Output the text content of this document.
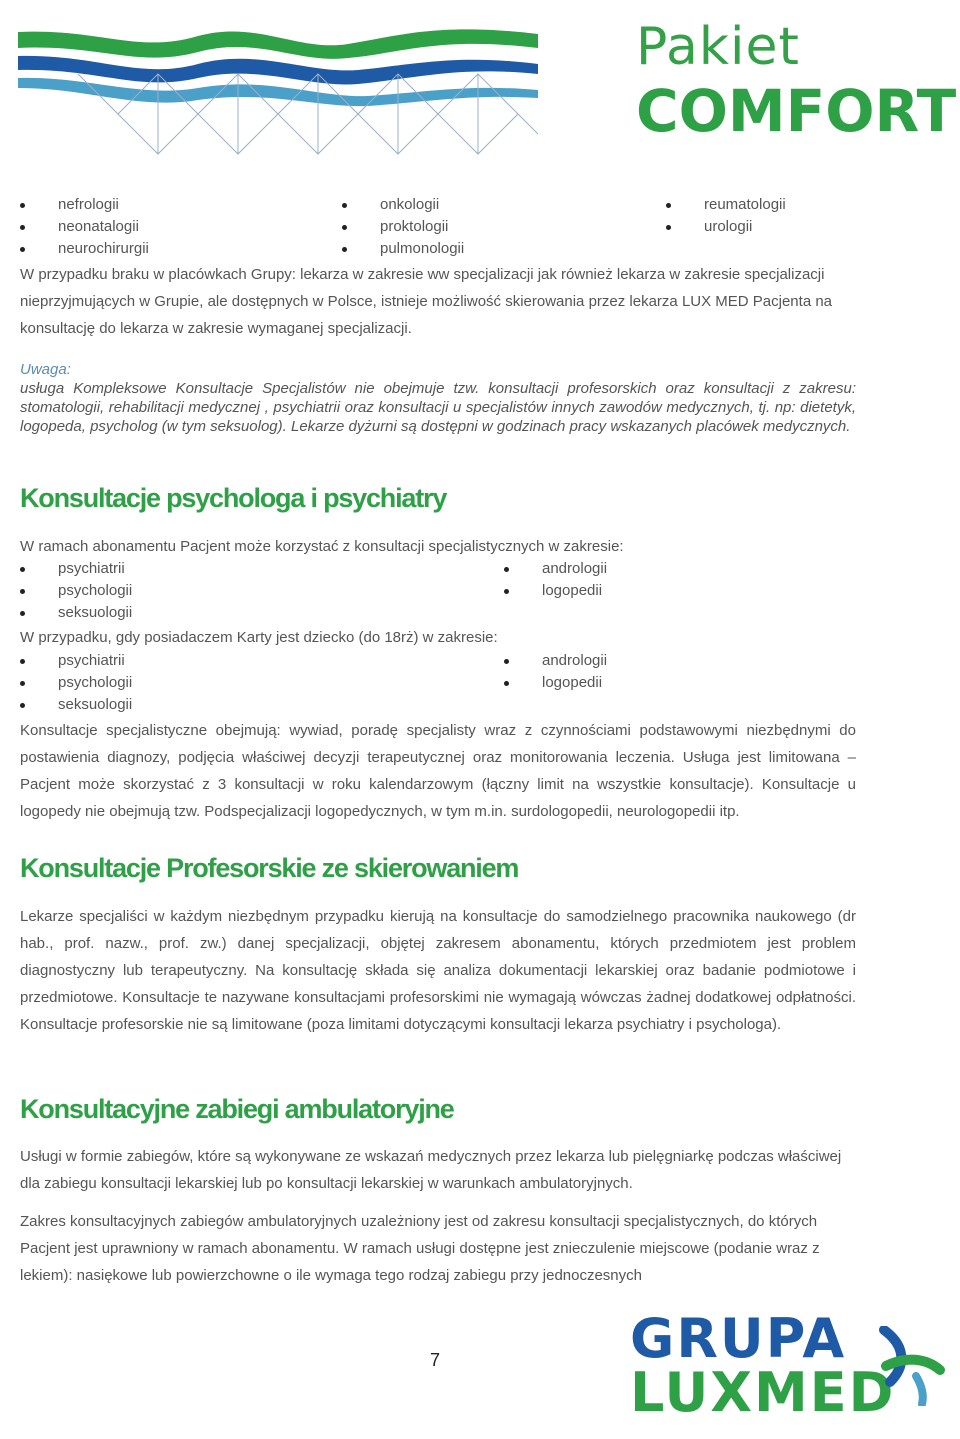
Pakiet
COMFORT
nefrologii
neonatalogii
neurochirurgii
onkologii
proktologii
pulmonologii
reumatologii
urologii

W przypadku braku w placówkach Grupy: lekarza w zakresie ww specjalizacji jak również lekarza w zakresie specjalizacji nieprzyjmujących w Grupie, ale dostępnych w Polsce, istnieje możliwość skierowania przez lekarza LUX MED Pacjenta na konsultację do lekarza w zakresie wymaganej specjalizacji.

Uwaga:
usługa Kompleksowe Konsultacje Specjalistów nie obejmuje tzw. konsultacji profesorskich oraz konsultacji z zakresu: stomatologii, rehabilitacji medycznej , psychiatrii oraz konsultacji u specjalistów innych zawodów medycznych, tj. np: dietetyk, logopeda, psycholog (w tym seksuolog). Lekarze dyżurni są dostępni w godzinach pracy wskazanych placówek medycznych.
Konsultacje psychologa i psychiatry

W ramach abonamentu Pacjent może korzystać z konsultacji specjalistycznych w zakresie:

psychiatrii
psychologii
seksuologii
andrologii
logopedii

W przypadku, gdy posiadaczem Karty jest dziecko (do 18rż) w zakresie:

psychiatrii
psychologii
seksuologii
andrologii
logopedii

Konsultacje specjalistyczne obejmują: wywiad, poradę specjalisty wraz z czynnościami podstawowymi niezbędnymi do postawienia diagnozy, podjęcia właściwej decyzji terapeutycznej oraz monitorowania leczenia. Usługa jest limitowana – Pacjent może skorzystać z 3 konsultacji w roku kalendarzowym (łączny limit na wszystkie konsultacje). Konsultacje u logopedy nie obejmują tzw. Podspecjalizacji logopedycznych, w tym m.in. surdologopedii, neurologopedii itp.

Konsultacje Profesorskie ze skierowaniem

Lekarze specjaliści w każdym niezbędnym przypadku kierują na konsultacje do samodzielnego pracownika naukowego (dr hab., prof. nazw., prof. zw.) danej specjalizacji, objętej zakresem abonamentu, których przedmiotem jest problem diagnostyczny lub terapeutyczny. Na konsultację składa się analiza dokumentacji lekarskiej oraz badanie podmiotowe i przedmiotowe. Konsultacje te nazywane konsultacjami profesorskimi nie wymagają wówczas żadnej dodatkowej odpłatności. Konsultacje profesorskie nie są limitowane (poza limitami dotyczącymi konsultacji lekarza psychiatry i psychologa).

Konsultacyjne zabiegi ambulatoryjne

Usługi w formie zabiegów, które są wykonywane ze wskazań medycznych przez lekarza lub pielęgniarkę podczas właściwej dla zabiegu konsultacji lekarskiej lub po konsultacji lekarskiej w warunkach ambulatoryjnych.

Zakres konsultacyjnych zabiegów ambulatoryjnych uzależniony jest od zakresu konsultacji specjalistycznych, do których Pacjent jest uprawniony w ramach abonamentu. W ramach usługi dostępne jest znieczulenie miejscowe (podanie wraz z lekiem): nasiękowe lub powierzchowne o ile wymaga tego rodzaj zabiegu przy jednoczesnych

7	GRUPA
LUXMED
